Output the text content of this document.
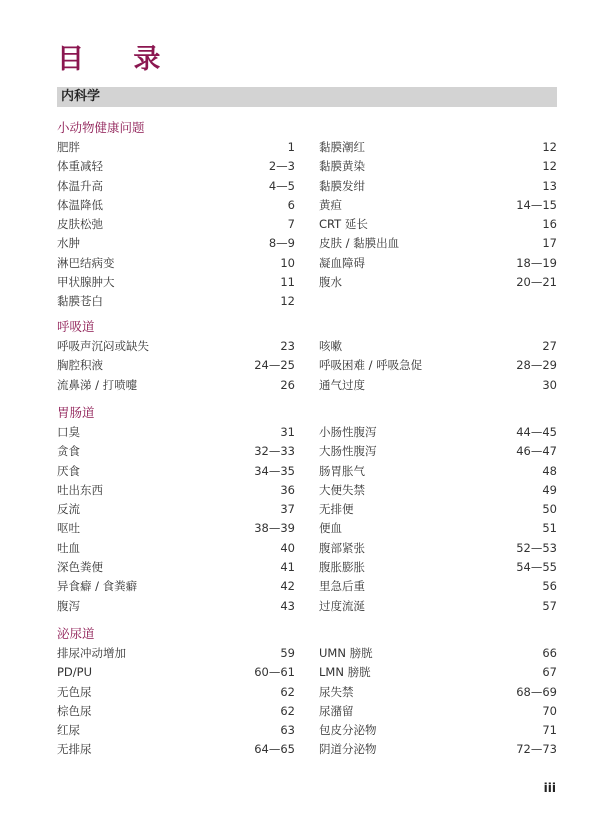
目 录
内科学
小动物健康问题
肥胖	1
体重减轻	2—3
体温升高	4—5
体温降低	6
皮肤松弛	7
水肿	8—9
淋巴结病变	10
甲状腺肿大	11
黏膜苍白	12
黏膜潮红	12
黏膜黄染	12
黏膜发绀	13
黄疸	14—15
CRT 延长	16
皮肤 / 黏膜出血	17
凝血障碍	18—19
腹水	20—21
呼吸道
呼吸声沉闷或缺失	23
胸腔积液	24—25
流鼻涕 / 打喷嚏	26
咳嗽	27
呼吸困难 / 呼吸急促	28—29
通气过度	30
胃肠道
口臭	31
贪食	32—33
厌食	34—35
吐出东西	36
反流	37
呕吐	38—39
吐血	40
深色粪便	41
异食癖 / 食粪癖	42
腹泻	43
小肠性腹泻	44—45
大肠性腹泻	46—47
肠胃胀气	48
大便失禁	49
无排便	50
便血	51
腹部紧张	52—53
腹胀膨胀	54—55
里急后重	56
过度流涎	57
泌尿道
排尿冲动增加	59
PD/PU	60—61
无色尿	62
棕色尿	62
红尿	63
无排尿	64—65
UMN 膀胱	66
LMN 膀胱	67
尿失禁	68—69
尿潴留	70
包皮分泌物	71
阴道分泌物	72—73
iii
